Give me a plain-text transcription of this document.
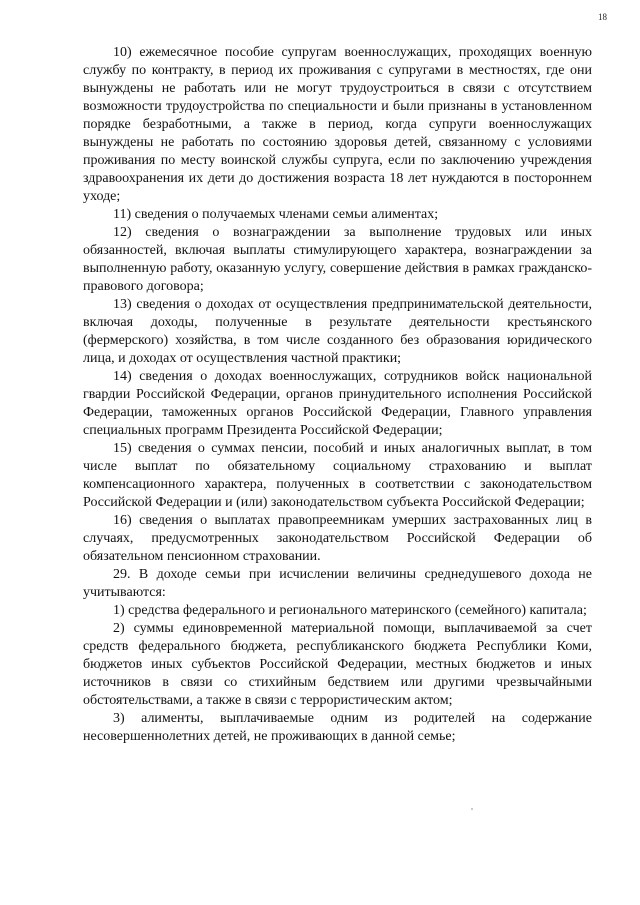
18

10) ежемесячное пособие супругам военнослужащих, проходящих военную службу по контракту, в период их проживания с супругами в местностях, где они вынуждены не работать или не могут трудоустроиться в связи с отсутствием возможности трудоустройства по специальности и были признаны в установленном порядке безработными, а также в период, когда супруги военнослужащих вынуждены не работать по состоянию здоровья детей, связанному с условиями проживания по месту воинской службы супруга, если по заключению учреждения здравоохранения их дети до достижения возраста 18 лет нуждаются в постороннем уходе;

11) сведения о получаемых членами семьи алиментах;

12) сведения о вознаграждении за выполнение трудовых или иных обязанностей, включая выплаты стимулирующего характера, вознаграждении за выполненную работу, оказанную услугу, совершение действия в рамках гражданско-правового договора;

13) сведения о доходах от осуществления предпринимательской деятельности, включая доходы, полученные в результате деятельности крестьянского (фермерского) хозяйства, в том числе созданного без образования юридического лица, и доходах от осуществления частной практики;

14) сведения о доходах военнослужащих, сотрудников войск национальной гвардии Российской Федерации, органов принудительного исполнения Российской Федерации, таможенных органов Российской Федерации, Главного управления специальных программ Президента Российской Федерации;

15) сведения о суммах пенсии, пособий и иных аналогичных выплат, в том числе выплат по обязательному социальному страхованию и выплат компенсационного характера, полученных в соответствии с законодательством Российской Федерации и (или) законодательством субъекта Российской Федерации;

16) сведения о выплатах правопреемникам умерших застрахованных лиц в случаях, предусмотренных законодательством Российской Федерации об обязательном пенсионном страховании.

29. В доходе семьи при исчислении величины среднедушевого дохода не учитываются:

1) средства федерального и регионального материнского (семейного) капитала;

2) суммы единовременной материальной помощи, выплачиваемой за счет средств федерального бюджета, республиканского бюджета Республики Коми, бюджетов иных субъектов Российской Федерации, местных бюджетов и иных источников в связи со стихийным бедствием или другими чрезвычайными обстоятельствами, а также в связи с террористическим актом;

3) алименты, выплачиваемые одним из родителей на содержание несовершеннолетних детей, не проживающих в данной семье;
